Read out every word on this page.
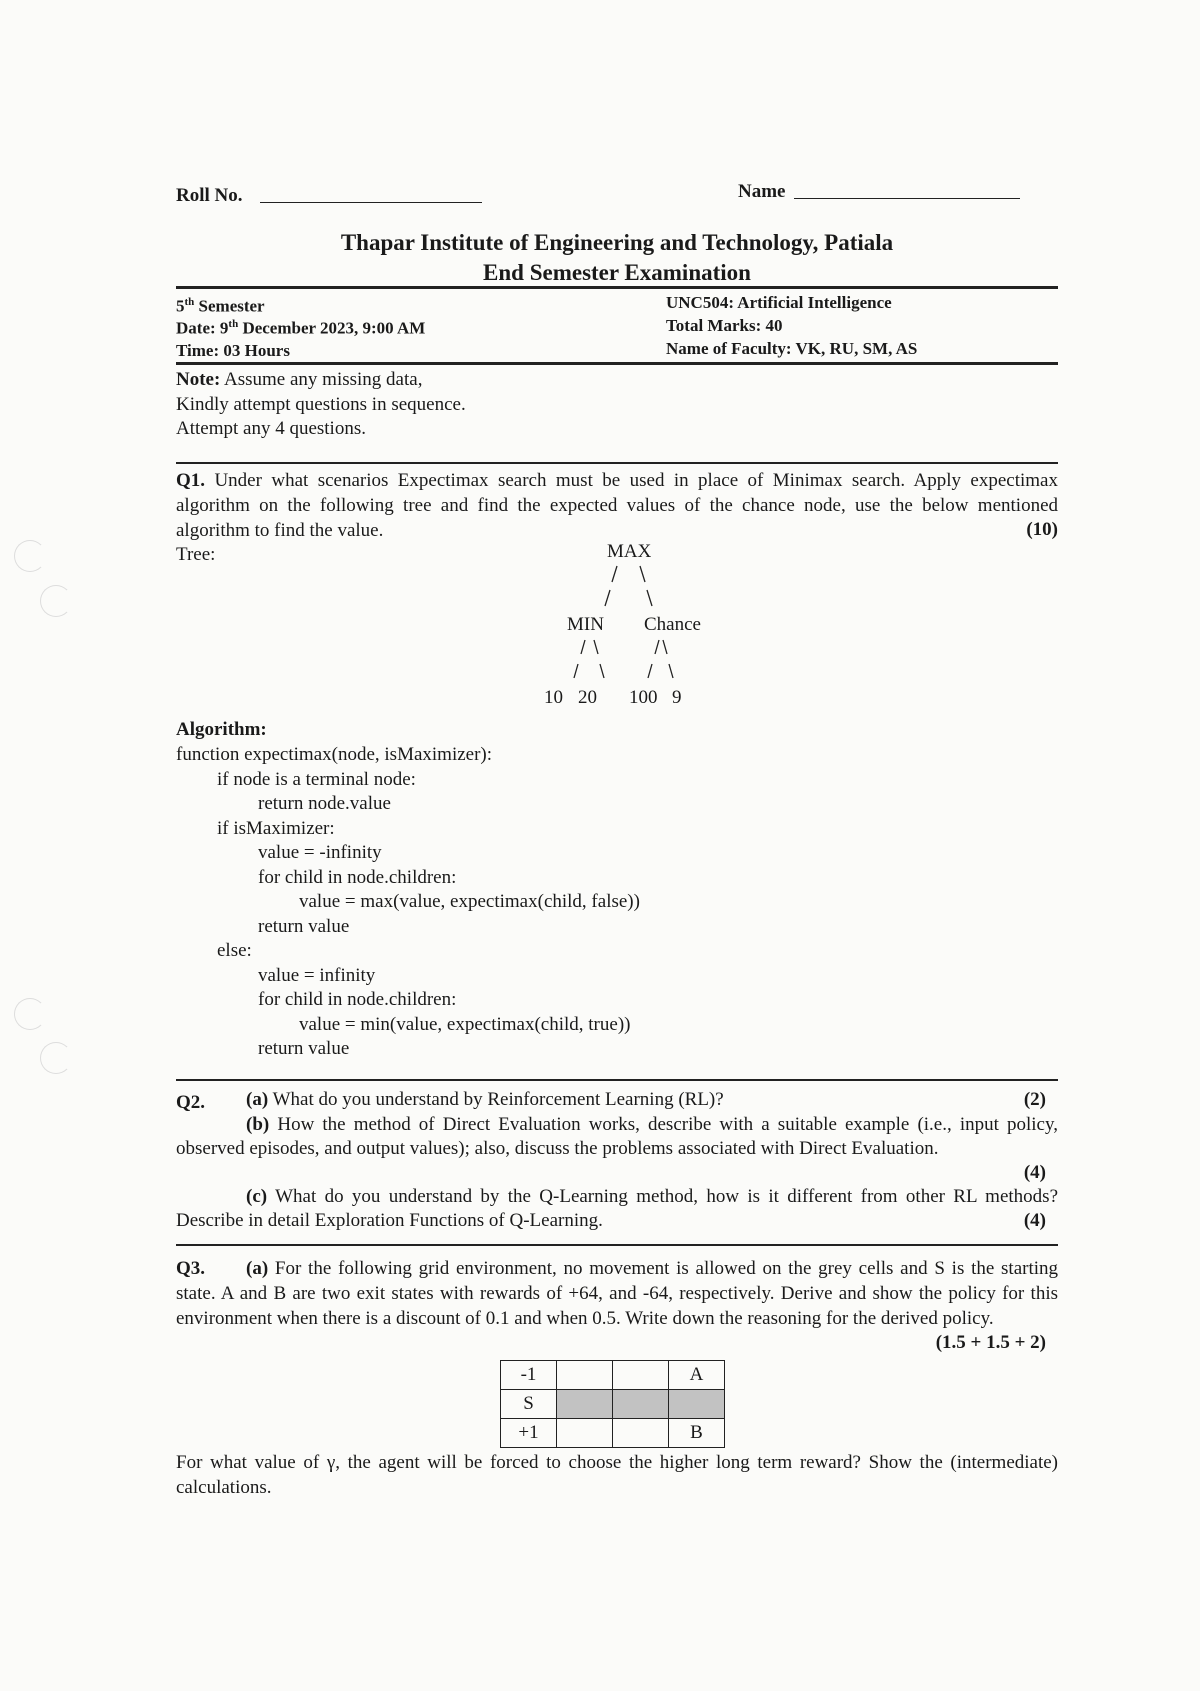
Roll No.	Name
Thapar Institute of Engineering and Technology, Patiala
End Semester Examination
5th Semester
Date: 9th December 2023, 9:00 AM
Time: 03 Hours
UNC504: Artificial Intelligence
Total Marks: 40
Name of Faculty: VK, RU, SM, AS
Note: Assume any missing data,
Kindly attempt questions in sequence.
Attempt any 4 questions.
Q1. Under what scenarios Expectimax search must be used in place of Minimax search. Apply expectimax algorithm on the following tree and find the expected values of the chance node, use the below mentioned algorithm to find the value.	(10)
Tree:	MAX
MIN Chance
10 20 100 9
Algorithm:
function expectimax(node, isMaximizer):
if node is a terminal node:
return node.value
if isMaximizer:
value = -infinity
for child in node.children:
value = max(value, expectimax(child, false))
return value
else:
value = infinity
for child in node.children:
value = min(value, expectimax(child, true))
return value
Q2. (a) What do you understand by Reinforcement Learning (RL)?	(2)
(b) How the method of Direct Evaluation works, describe with a suitable example (i.e., input policy, observed episodes, and output values); also, discuss the problems associated with Direct Evaluation.
(4)
(c) What do you understand by the Q-Learning method, how is it different from other RL methods? Describe in detail Exploration Functions of Q-Learning.	(4)
Q3. (a) For the following grid environment, no movement is allowed on the grey cells and S is the starting state. A and B are two exit states with rewards of +64, and -64, respectively. Derive and show the policy for this environment when there is a discount of 0.1 and when 0.5. Write down the reasoning for the derived policy.
(1.5 + 1.5 + 2)
-1			A
S			
+1			B
For what value of γ, the agent will be forced to choose the higher long term reward? Show the (intermediate) calculations.
